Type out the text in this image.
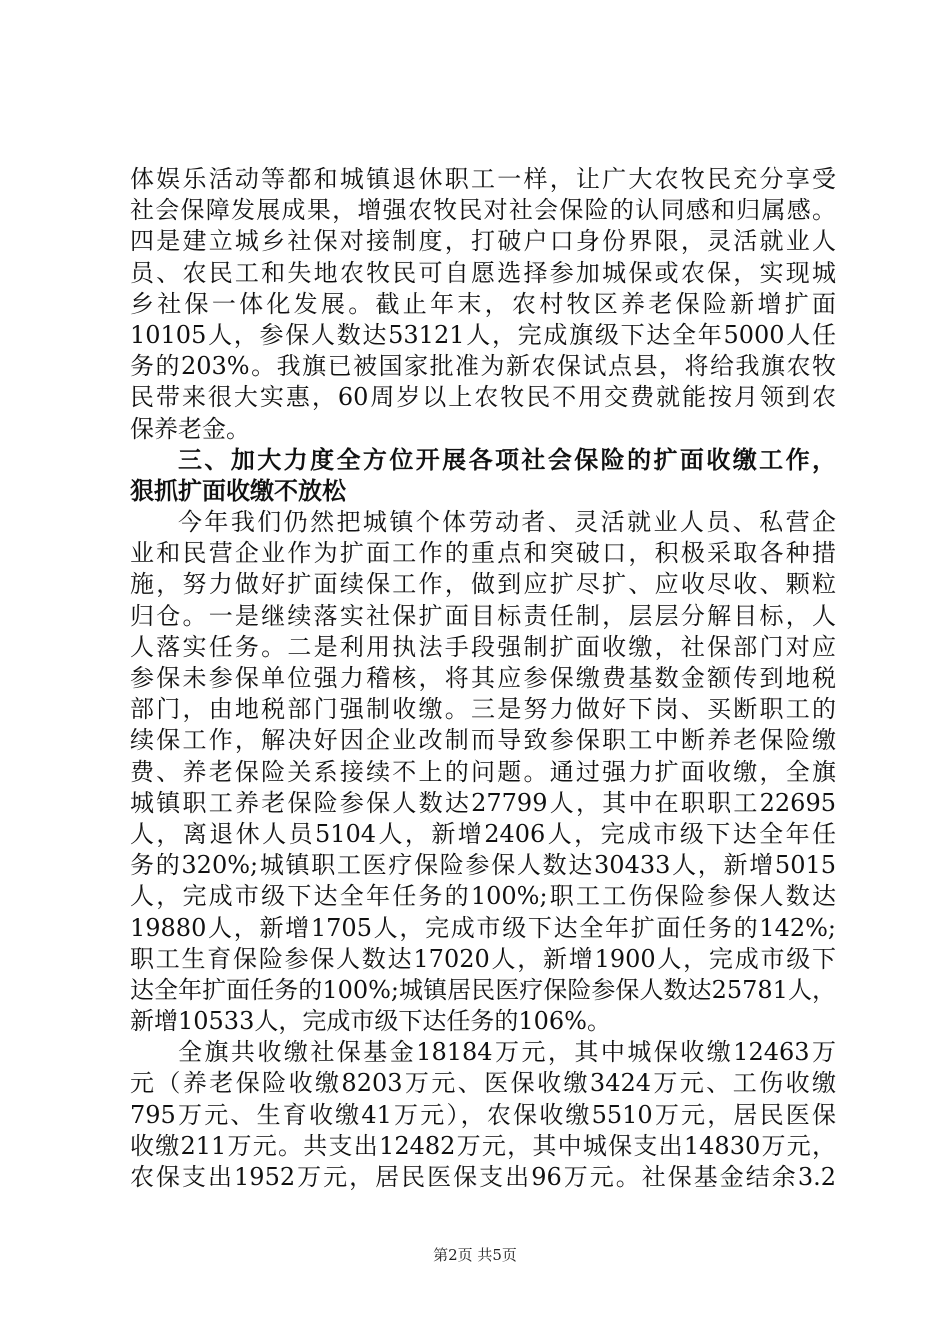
体娱乐活动等都和城镇退休职工一样，让广大农牧民充分享受
社会保障发展成果，增强农牧民对社会保险的认同感和归属感。
四是建立城乡社保对接制度，打破户口身份界限，灵活就业人
员、农民工和失地农牧民可自愿选择参加城保或农保，实现城
乡社保一体化发展。截止年末，农村牧区养老保险新增扩面
10105人，参保人数达53121人，完成旗级下达全年5000人任
务的203%。我旗已被国家批准为新农保试点县，将给我旗农牧
民带来很大实惠，60周岁以上农牧民不用交费就能按月领到农
保养老金。
三、加大力度全方位开展各项社会保险的扩面收缴工作，
狠抓扩面收缴不放松
今年我们仍然把城镇个体劳动者、灵活就业人员、私营企
业和民营企业作为扩面工作的重点和突破口，积极采取各种措
施，努力做好扩面续保工作，做到应扩尽扩、应收尽收、颗粒
归仓。一是继续落实社保扩面目标责任制，层层分解目标，人
人落实任务。二是利用执法手段强制扩面收缴，社保部门对应
参保未参保单位强力稽核，将其应参保缴费基数金额传到地税
部门，由地税部门强制收缴。三是努力做好下岗、买断职工的
续保工作，解决好因企业改制而导致参保职工中断养老保险缴
费、养老保险关系接续不上的问题。通过强力扩面收缴，全旗
城镇职工养老保险参保人数达27799人，其中在职职工22695
人，离退休人员5104人，新增2406人，完成市级下达全年任
务的320%;城镇职工医疗保险参保人数达30433人，新增5015
人，完成市级下达全年任务的100%;职工工伤保险参保人数达
19880人，新增1705人，完成市级下达全年扩面任务的142%;
职工生育保险参保人数达17020人，新增1900人，完成市级下
达全年扩面任务的100%;城镇居民医疗保险参保人数达25781人，
新增10533人，完成市级下达任务的106%。
全旗共收缴社保基金18184万元，其中城保收缴12463万
元（养老保险收缴8203万元、医保收缴3424万元、工伤收缴
795万元、生育收缴41万元），农保收缴5510万元，居民医保
收缴211万元。共支出12482万元，其中城保支出14830万元，
农保支出1952万元，居民医保支出96万元。社保基金结余3.2
第2页 共5页
